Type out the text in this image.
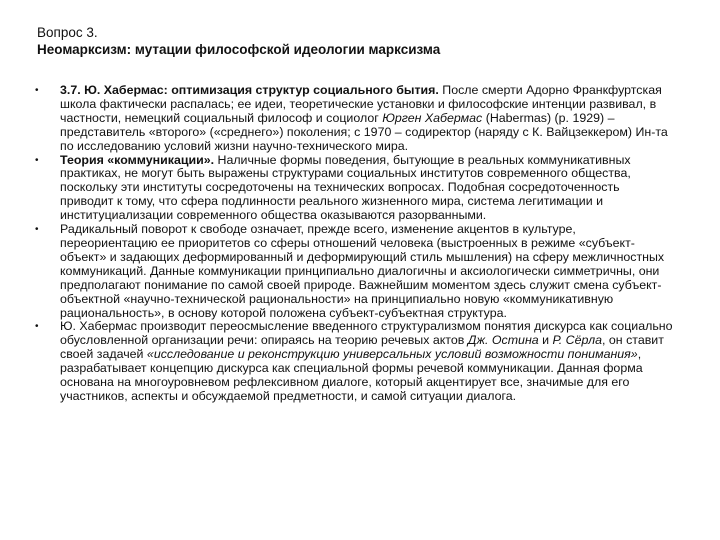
Вопрос 3.
Неомарксизм: мутации философской идеологии марксизма
• 3.7. Ю. Хабермас: оптимизация структур социального бытия. После смерти Адорно Франкфуртская школа фактически распалась; ее идеи, теоретические установки и философские интенции развивал, в частности, немецкий социальный философ и социолог Юрген Хабермас (Habermas) (р. 1929) – представитель «второго» («среднего») поколения; с 1970 – содиректор (наряду с К. Вайцзеккером) Ин-та по исследованию условий жизни научно-технического мира.
• Теория «коммуникации». Наличные формы поведения, бытующие в реальных коммуникативных практиках, не могут быть выражены структурами социальных институтов современного общества, поскольку эти институты сосредоточены на технических вопросах. Подобная сосредоточенность приводит к тому, что сфера подлинности реального жизненного мира, система легитимации и институциализации современного общества оказываются разорванными.
• Радикальный поворот к свободе означает, прежде всего, изменение акцентов в культуре, переориентацию ее приоритетов со сферы отношений человека (выстроенных в режиме «субъект-объект» и задающих деформированный и деформирующий стиль мышления) на сферу межличностных коммуникаций. Данные коммуникации принципиально диалогичны и аксиологически симметричны, они предполагают понимание по самой своей природе. Важнейшим моментом здесь служит смена субъект-объектной «научно-технической рациональности» на принципиально новую «коммуникативную рациональность», в основу которой положена субъект-субъектная структура.
• Ю. Хабермас производит переосмысление введенного структурализмом понятия дискурса как социально обусловленной организации речи: опираясь на теорию речевых актов Дж. Остина и Р. Сёрла, он ставит своей задачей «исследование и реконструкцию универсальных условий возможности понимания», разрабатывает концепцию дискурса как специальной формы речевой коммуникации. Данная форма основана на многоуровневом рефлексивном диалоге, который акцентирует все, значимые для его участников, аспекты и обсуждаемой предметности, и самой ситуации диалога.
